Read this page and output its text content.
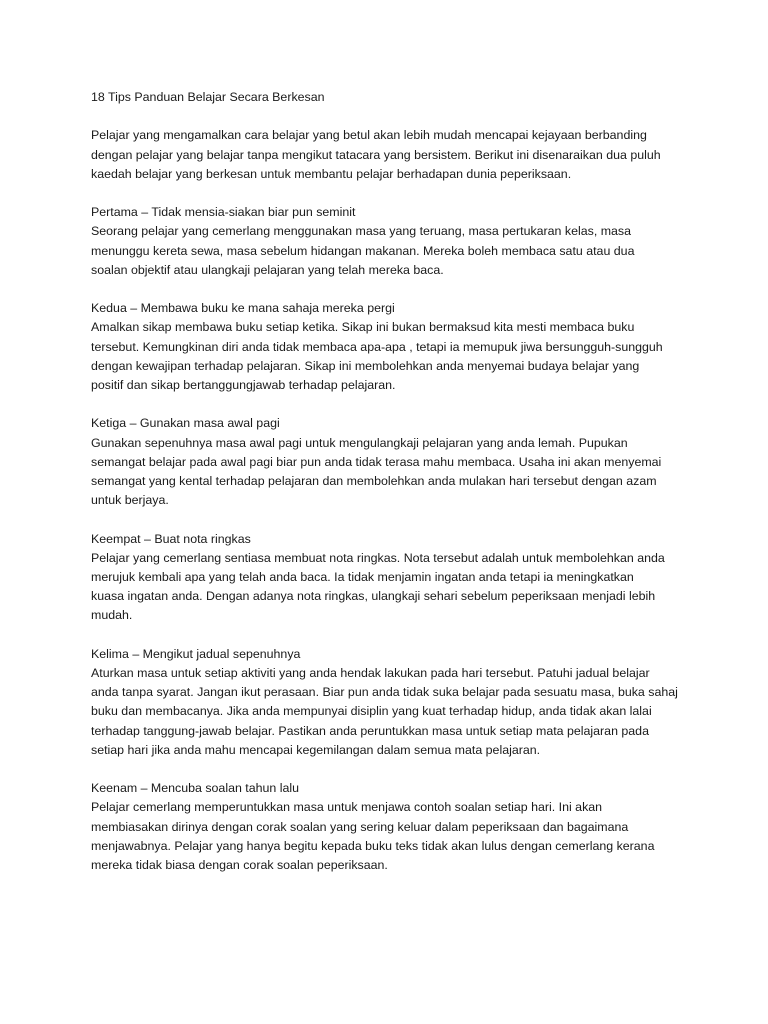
18 Tips Panduan Belajar Secara Berkesan

Pelajar yang mengamalkan cara belajar yang betul akan lebih mudah mencapai kejayaan berbanding
dengan pelajar yang belajar tanpa mengikut tatacara yang bersistem. Berikut ini disenaraikan dua puluh
kaedah belajar yang berkesan untuk membantu pelajar berhadapan dunia peperiksaan.

Pertama – Tidak mensia-siakan biar pun seminit

Seorang pelajar yang cemerlang menggunakan masa yang teruang, masa pertukaran kelas, masa
menunggu kereta sewa, masa sebelum hidangan makanan. Mereka boleh membaca satu atau dua
soalan objektif atau ulangkaji pelajaran yang telah mereka baca.

Kedua – Membawa buku ke mana sahaja mereka pergi

Amalkan sikap membawa buku setiap ketika. Sikap ini bukan bermaksud kita mesti membaca buku
tersebut. Kemungkinan diri anda tidak membaca apa-apa , tetapi ia memupuk jiwa bersungguh-sungguh
dengan kewajipan terhadap pelajaran. Sikap ini membolehkan anda menyemai budaya belajar yang
positif dan sikap bertanggungjawab terhadap pelajaran.

Ketiga – Gunakan masa awal pagi

Gunakan sepenuhnya masa awal pagi untuk mengulangkaji pelajaran yang anda lemah. Pupukan
semangat belajar pada awal pagi biar pun anda tidak terasa mahu membaca. Usaha ini akan menyemai
semangat yang kental terhadap pelajaran dan membolehkan anda mulakan hari tersebut dengan azam
untuk berjaya.

Keempat – Buat nota ringkas

Pelajar yang cemerlang sentiasa membuat nota ringkas. Nota tersebut adalah untuk membolehkan anda
merujuk kembali apa yang telah anda baca. Ia tidak menjamin ingatan anda tetapi ia meningkatkan
kuasa ingatan anda. Dengan adanya nota ringkas, ulangkaji sehari sebelum peperiksaan menjadi lebih
mudah.

Kelima – Mengikut jadual sepenuhnya

Aturkan masa untuk setiap aktiviti yang anda hendak lakukan pada hari tersebut. Patuhi jadual belajar
anda tanpa syarat. Jangan ikut perasaan. Biar pun anda tidak suka belajar pada sesuatu masa, buka sahaj
buku dan membacanya. Jika anda mempunyai disiplin yang kuat terhadap hidup, anda tidak akan lalai
terhadap tanggung-jawab belajar. Pastikan anda peruntukkan masa untuk setiap mata pelajaran pada
setiap hari jika anda mahu mencapai kegemilangan dalam semua mata pelajaran.

Keenam – Mencuba soalan tahun lalu

Pelajar cemerlang memperuntukkan masa untuk menjawa contoh soalan setiap hari. Ini akan
membiasakan dirinya dengan corak soalan yang sering keluar dalam peperiksaan dan bagaimana
menjawabnya. Pelajar yang hanya begitu kepada buku teks tidak akan lulus dengan cemerlang kerana
mereka tidak biasa dengan corak soalan peperiksaan.
